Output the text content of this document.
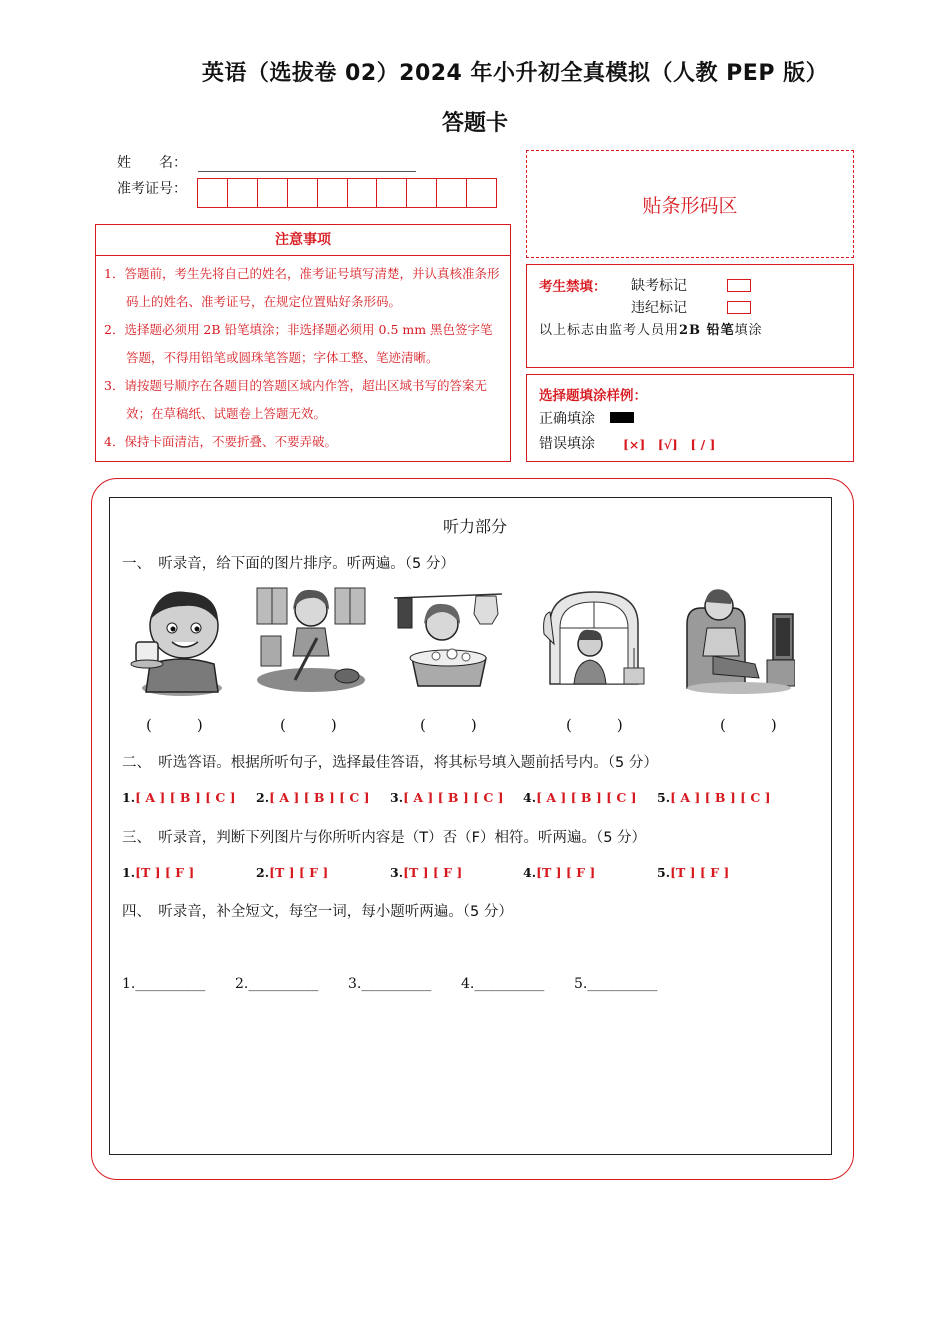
英语（选拔卷 02）2024 年小升初全真模拟（人教 PEP 版）
答题卡
姓　　名：
准考证号：
贴条形码区
注意事项
1．答题前，考生先将自己的姓名，准考证号填写清楚，并认真核准条形码上的姓名、准考证号，在规定位置贴好条形码。
2．选择题必须用 2B 铅笔填涂；非选择题必须用 0.5 mm 黑色签字笔答题，不得用铅笔或圆珠笔答题；字体工整、笔迹清晰。
3．请按题号顺序在各题目的答题区域内作答，超出区域书写的答案无效；在草稿纸、试题卷上答题无效。
4．保持卡面清洁，不要折叠、不要弄破。
考生禁填： 缺考标记
违纪标记
以上标志由监考人员用2B 铅笔填涂
选择题填涂样例：
正确填涂
错误填涂 [×]　[√]　[ / ]
听力部分
一、　听录音，给下面的图片排序。听两遍。（5 分）
(　　　)	(　　　)	(　　　)	(　　　)	(　　　)
二、　听选答语。根据所听句子，选择最佳答语，将其标号填入题前括号内。（5 分）
1.[ A ] [ B ] [ C ] 2.[ A ] [ B ] [ C ] 3.[ A ] [ B ] [ C ] 4.[ A ] [ B ] [ C ] 5.[ A ] [ B ] [ C ]
三、　听录音，判断下列图片与你所听内容是（T）否（F）相符。听两遍。（5 分）
1.[T ] [ F ]	2.[T ] [ F ]	3.[T ] [ F ]	4.[T ] [ F ]	5.[T ] [ F ]
四、　听录音，补全短文，每空一词，每小题听两遍。（5 分）
1.__________ 2.__________ 3.__________ 4.__________ 5.__________
